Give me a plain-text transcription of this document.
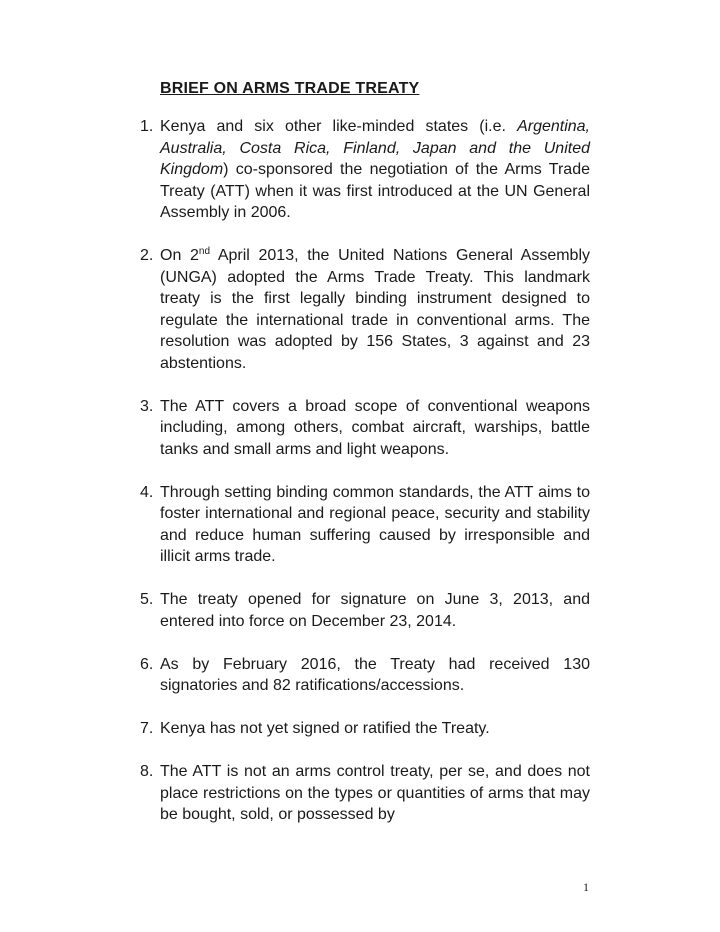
BRIEF ON ARMS TRADE TREATY
1. Kenya and six other like-minded states (i.e. Argentina, Australia, Costa Rica, Finland, Japan and the United Kingdom) co-sponsored the negotiation of the Arms Trade Treaty (ATT) when it was first introduced at the UN General Assembly in 2006.
2. On 2nd April 2013, the United Nations General Assembly (UNGA) adopted the Arms Trade Treaty. This landmark treaty is the first legally binding instrument designed to regulate the international trade in conventional arms. The resolution was adopted by 156 States, 3 against and 23 abstentions.
3. The ATT covers a broad scope of conventional weapons including, among others, combat aircraft, warships, battle tanks and small arms and light weapons.
4. Through setting binding common standards, the ATT aims to foster international and regional peace, security and stability and reduce human suffering caused by irresponsible and illicit arms trade.
5. The treaty opened for signature on June 3, 2013, and entered into force on December 23, 2014.
6. As by February 2016, the Treaty had received 130 signatories and 82 ratifications/accessions.
7. Kenya has not yet signed or ratified the Treaty.
8. The ATT is not an arms control treaty, per se, and does not place restrictions on the types or quantities of arms that may be bought, sold, or possessed by
1
